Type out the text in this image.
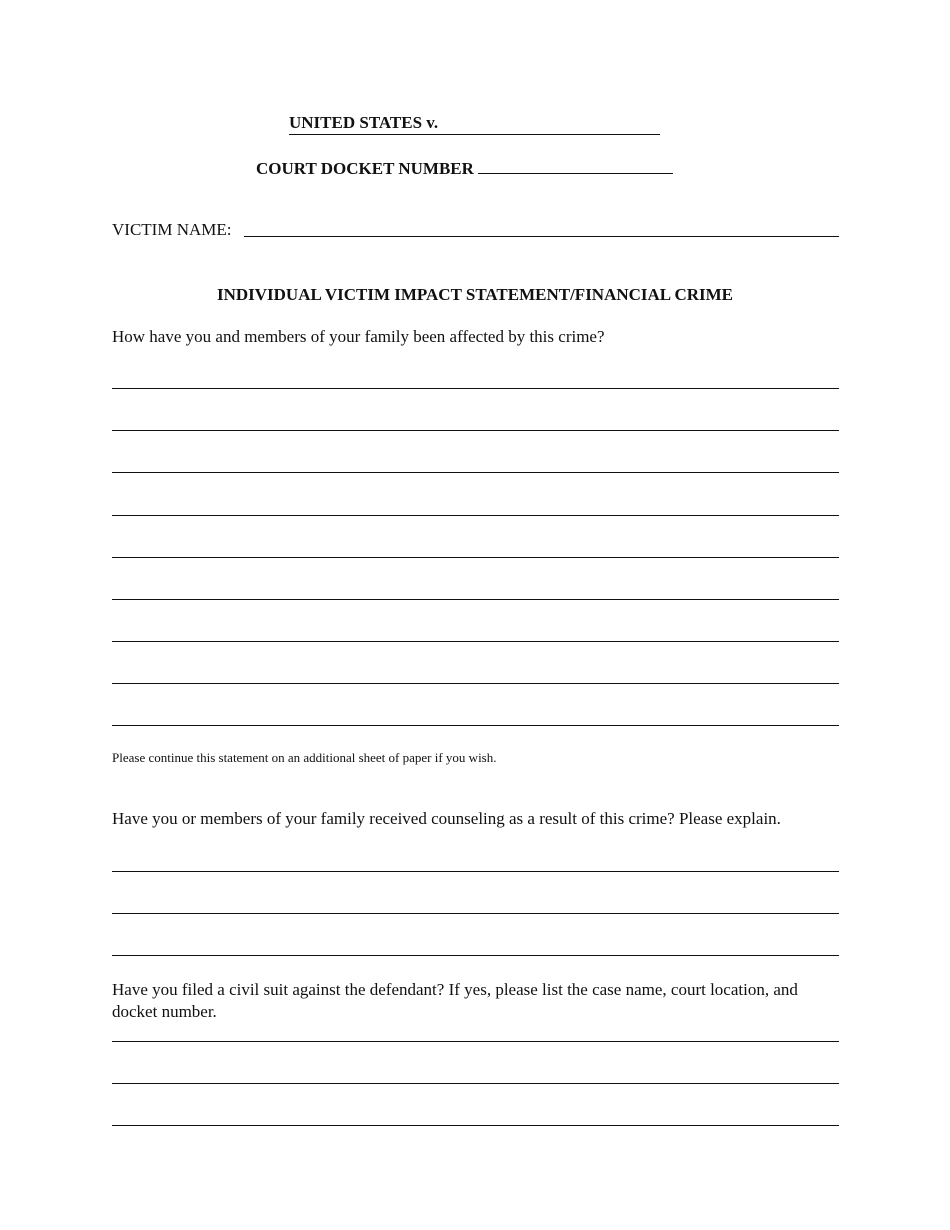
UNITED STATES v.
COURT DOCKET NUMBER
VICTIM NAME:
INDIVIDUAL VICTIM IMPACT STATEMENT/FINANCIAL CRIME
How have you and members of your family been affected by this crime?
Please continue this statement on an additional sheet of paper if you wish.
Have you or members of your family received counseling as a result of this crime? Please explain.
Have you filed a civil suit against the defendant? If yes, please list the case name, court location, and docket number.
